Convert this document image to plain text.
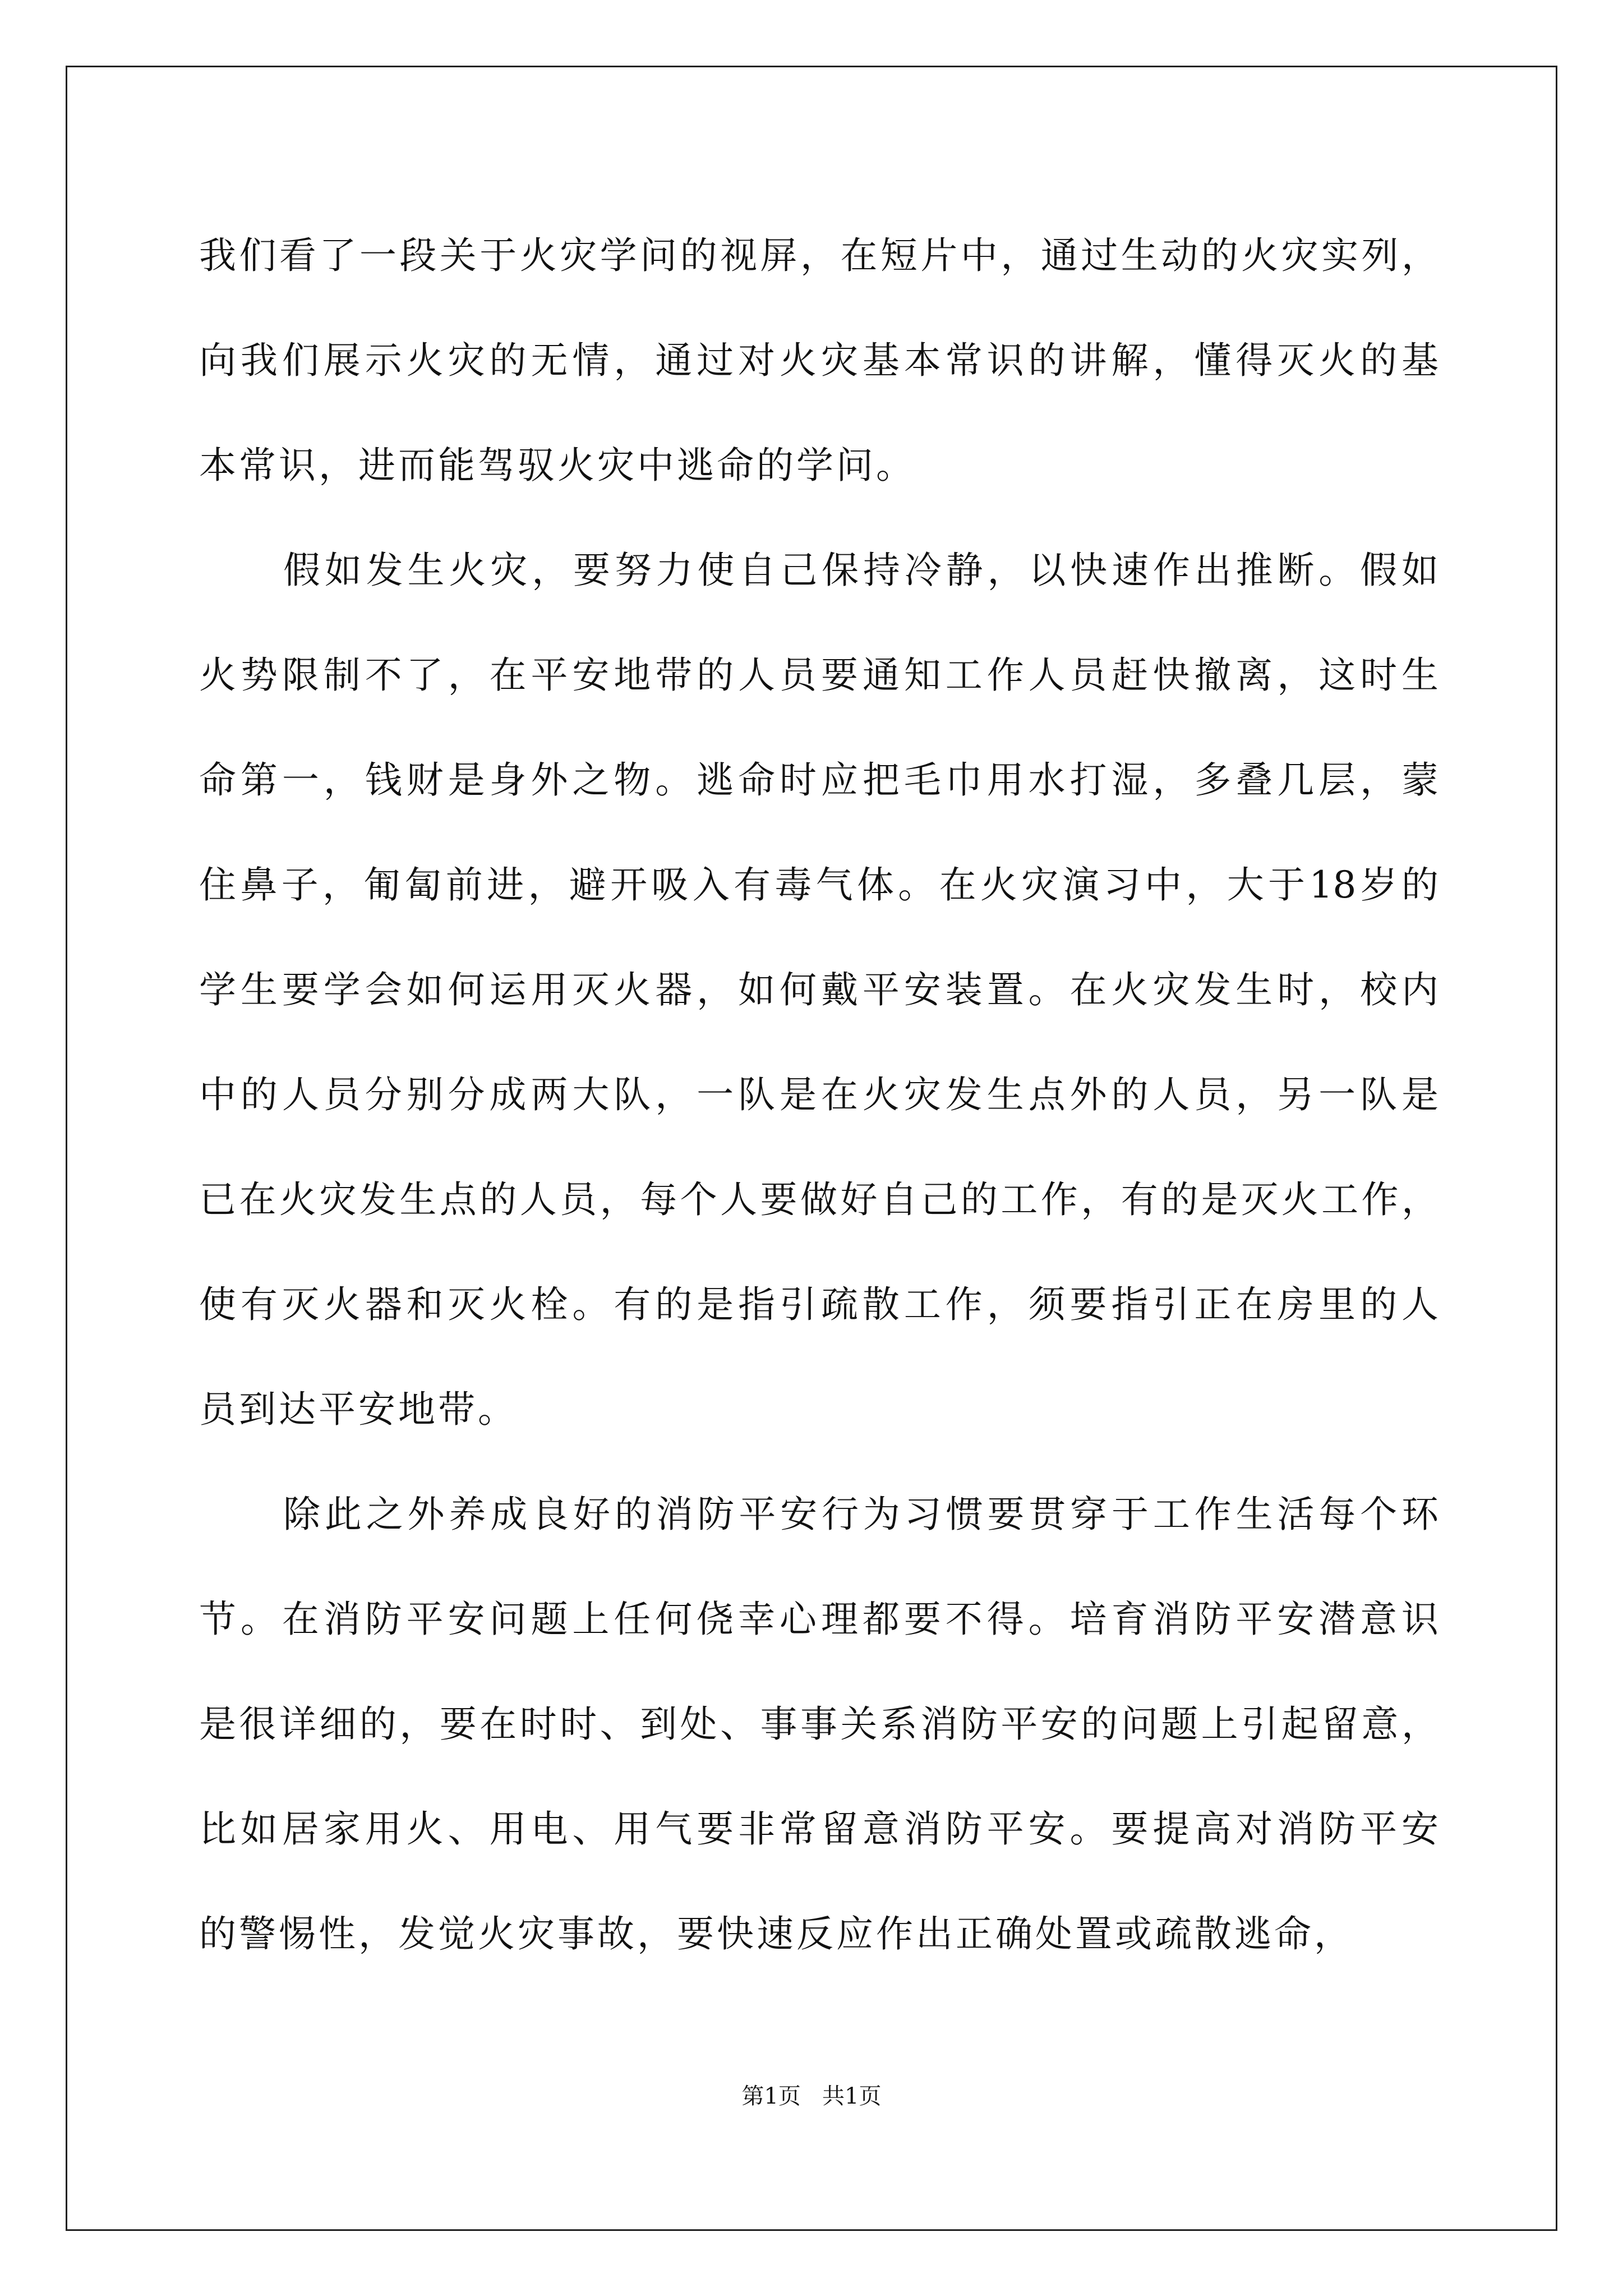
我们看了一段关于火灾学问的视屏，在短片中，通过生动的火灾实列，
向我们展示火灾的无情，通过对火灾基本常识的讲解，懂得灭火的基
本常识，进而能驾驭火灾中逃命的学问。
假如发生火灾，要努力使自己保持冷静，以快速作出推断。假如
火势限制不了，在平安地带的人员要通知工作人员赶快撤离，这时生
命第一，钱财是身外之物。逃命时应把毛巾用水打湿，多叠几层，蒙
住鼻子，匍匐前进，避开吸入有毒气体。在火灾演习中，大于18岁的
学生要学会如何运用灭火器，如何戴平安装置。在火灾发生时，校内
中的人员分别分成两大队，一队是在火灾发生点外的人员，另一队是
已在火灾发生点的人员，每个人要做好自己的工作，有的是灭火工作，
使有灭火器和灭火栓。有的是指引疏散工作，须要指引正在房里的人
员到达平安地带。
除此之外养成良好的消防平安行为习惯要贯穿于工作生活每个环
节。在消防平安问题上任何侥幸心理都要不得。培育消防平安潜意识
是很详细的，要在时时、到处、事事关系消防平安的问题上引起留意，
比如居家用火、用电、用气要非常留意消防平安。要提高对消防平安
的警惕性，发觉火灾事故，要快速反应作出正确处置或疏散逃命，
第1页   共1页
